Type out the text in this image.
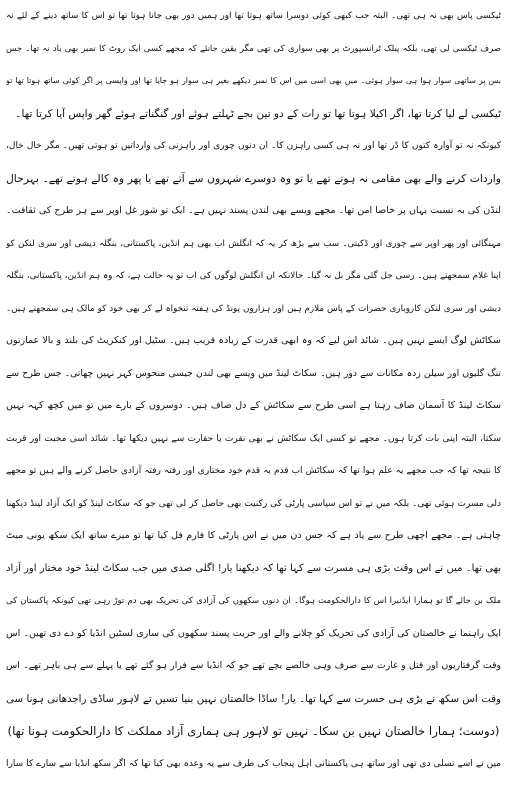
ٹیکسی پاس بھی نہ ہی تھی۔ البتہ جب کبھی کوئی دوسرا ساتھ ہوتا تھا اور ہمیں دور بھی جانا ہوتا تھا تو اس کا ساتھ دینے کے لئے نہ
صرف ٹیکسی لی تھی، بلکہ پبلک ٹرانسپورٹ پر بھی سواری کی تھی مگر یقین جانئے کہ مجھے کسی ایک روٹ کا نمبر بھی یاد نہ تھا۔ جس
بس پر ساتھی سوار ہوا ہی سوار ہوئی۔ میں بھی اسی میں اس کا نمبر دیکھے بغیر ہی سوار ہو جایا تھا اور واپسی پر اگر کوئی ساتھ ہوتا تھا تو
ٹیکسی لے لیا کرتا تھا، اگر اکیلا ہوتا تھا تو رات کے دو تین بجے ٹہلتے ہوئے اور گنگناتے ہوئے گھر واپس آیا کرتا تھا۔
کیونکہ نہ تو آوارہ کتوں کا ڈر تھا اور نہ ہی کسی راہزن کا۔ ان دنوں چوری اور راہزنی کی وارداتیں تو ہوتی تھیں۔ مگر خال خال،
واردات کرنے والے بھی مقامی نہ ہوتے تھے یا تو وہ دوسرے شہروں سے آتے تھے یا پھر وہ کالے ہوتے تھے۔ بہرحال
لنڈن کی بہ نسبت یہاں پر خاصا امن تھا۔ مجھے ویسے بھی لندن پسند نہیں ہے۔ ایک تو شور غل اوپر سے ہر طرح کی ثقافت۔
مہنگائی اور پھر اوپر سے چوری اور ڈکیتی۔ سب سے بڑھ کر یہ کہ انگلش اب بھی ہم انڈین، پاکستانی، بنگلہ دیشی اور سری لنکن کو
اپنا غلام سمجھتے ہیں۔ رسی جل گئی مگر بل نہ گیا۔ حالانکہ ان انگلش لوگوں کی اب تو یہ حالت ہے، کہ وہ ہم انڈین، پاکستانی، بنگلہ
دیشی اور سری لنکن کاروباری حضرات کے پاس ملازم ہیں اور ہزاروں پونڈ کی ہفتہ تنخواہ لے کر بھی خود کو مالک ہی سمجھتے ہیں۔
سکاٹش لوگ ایسے نہیں ہیں۔ شائد اس لیے کہ وہ ابھی قدرت کے زیادہ قریب ہیں۔ سٹیل اور کنکریٹ کی بلند و بالا عمارتوں
تنگ گلیوں اور سیلن زدہ مکانات سے دور ہیں۔ سکاٹ لینڈ میں ویسے بھی لندن جیسی منحوس کہر نہیں چھاتی۔ جس طرح سے
سکاٹ لینڈ کا آسمان صاف رہتا ہے اسی طرح سے سکاٹش کے دل صاف ہیں۔ دوسروں کے بارے میں تو میں کچھ کہہ نہیں
سکتا، البتہ اپنی بات کرتا ہوں۔ مجھے تو کسی ایک سکاٹش نے بھی نفرت یا حقارت سے نہیں دیکھا تھا۔ شائد اسی محبت اور قربت
کا نتیجہ تھا کہ جب مجھے یہ علم ہوا تھا کہ سکاٹش اب قدم بہ قدم خود مختاری اور رفتہ رفتہ آزادی حاصل کرنے والے ہیں تو مجھے
دلی مسرت ہوئی تھی۔ بلکہ میں نے تو اس سیاسی پارٹی کی رکنیت بھی حاصل کر لی تھی جو کہ سکاٹ لینڈ کو ایک آزاد لینڈ دیکھنا
چاہتی ہے۔ مجھے اچھی طرح سے یاد ہے کہ جس دن میں نے اس پارٹی کا فارم فل کیا تھا تو میرے ساتھ ایک سکھ یونی میٹ
بھی تھا۔ میں نے اس وقت بڑی ہی مسرت سے کہا تھا کہ دیکھنا یار! اگلی صدی میں جب سکاٹ لینڈ خود مختار اور آزاد
ملک بن جائے گا تو ہمارا ایڈنبرا اس کا دارالحکومت ہوگا۔ ان دنوں سکھوں کی آزادی کی تحریک بھی دم توڑ رہی تھی کیونکہ پاکستان کی
ایک راہنما نے خالصتان کی آزادی کی تحریک کو چلانے والے اور حریت پسند سکھوں کی ساری لسٹیں انڈیا کو دے دی تھیں۔ اس
وقت گرفتاریوں اور قتل و غارت سے صرف وہی خالصے بچے تھے جو کہ انڈیا سے فرار ہو گئے تھے یا پہلے سے ہی باہر تھے۔ اس
وقت اس سکھ نے بڑی ہی حسرت سے کہا تھا۔ یار! ساڈا خالصتان نہیں بنیا تسیں تے لاہور ساڈی راجدھانی ہونا سی
(دوست؛ ہمارا خالصتان نہیں بن سکا۔ نہیں تو لاہور ہی ہماری آزاد مملکت کا دارالحکومت ہونا تھا)
میں نے اسے تسلی دی تھی اور ساتھ ہی پاکستانی اہل پنجاب کی طرف سے یہ وعدہ بھی کیا تھا کہ اگر سکھ انڈیا سے سارے کا سارا
